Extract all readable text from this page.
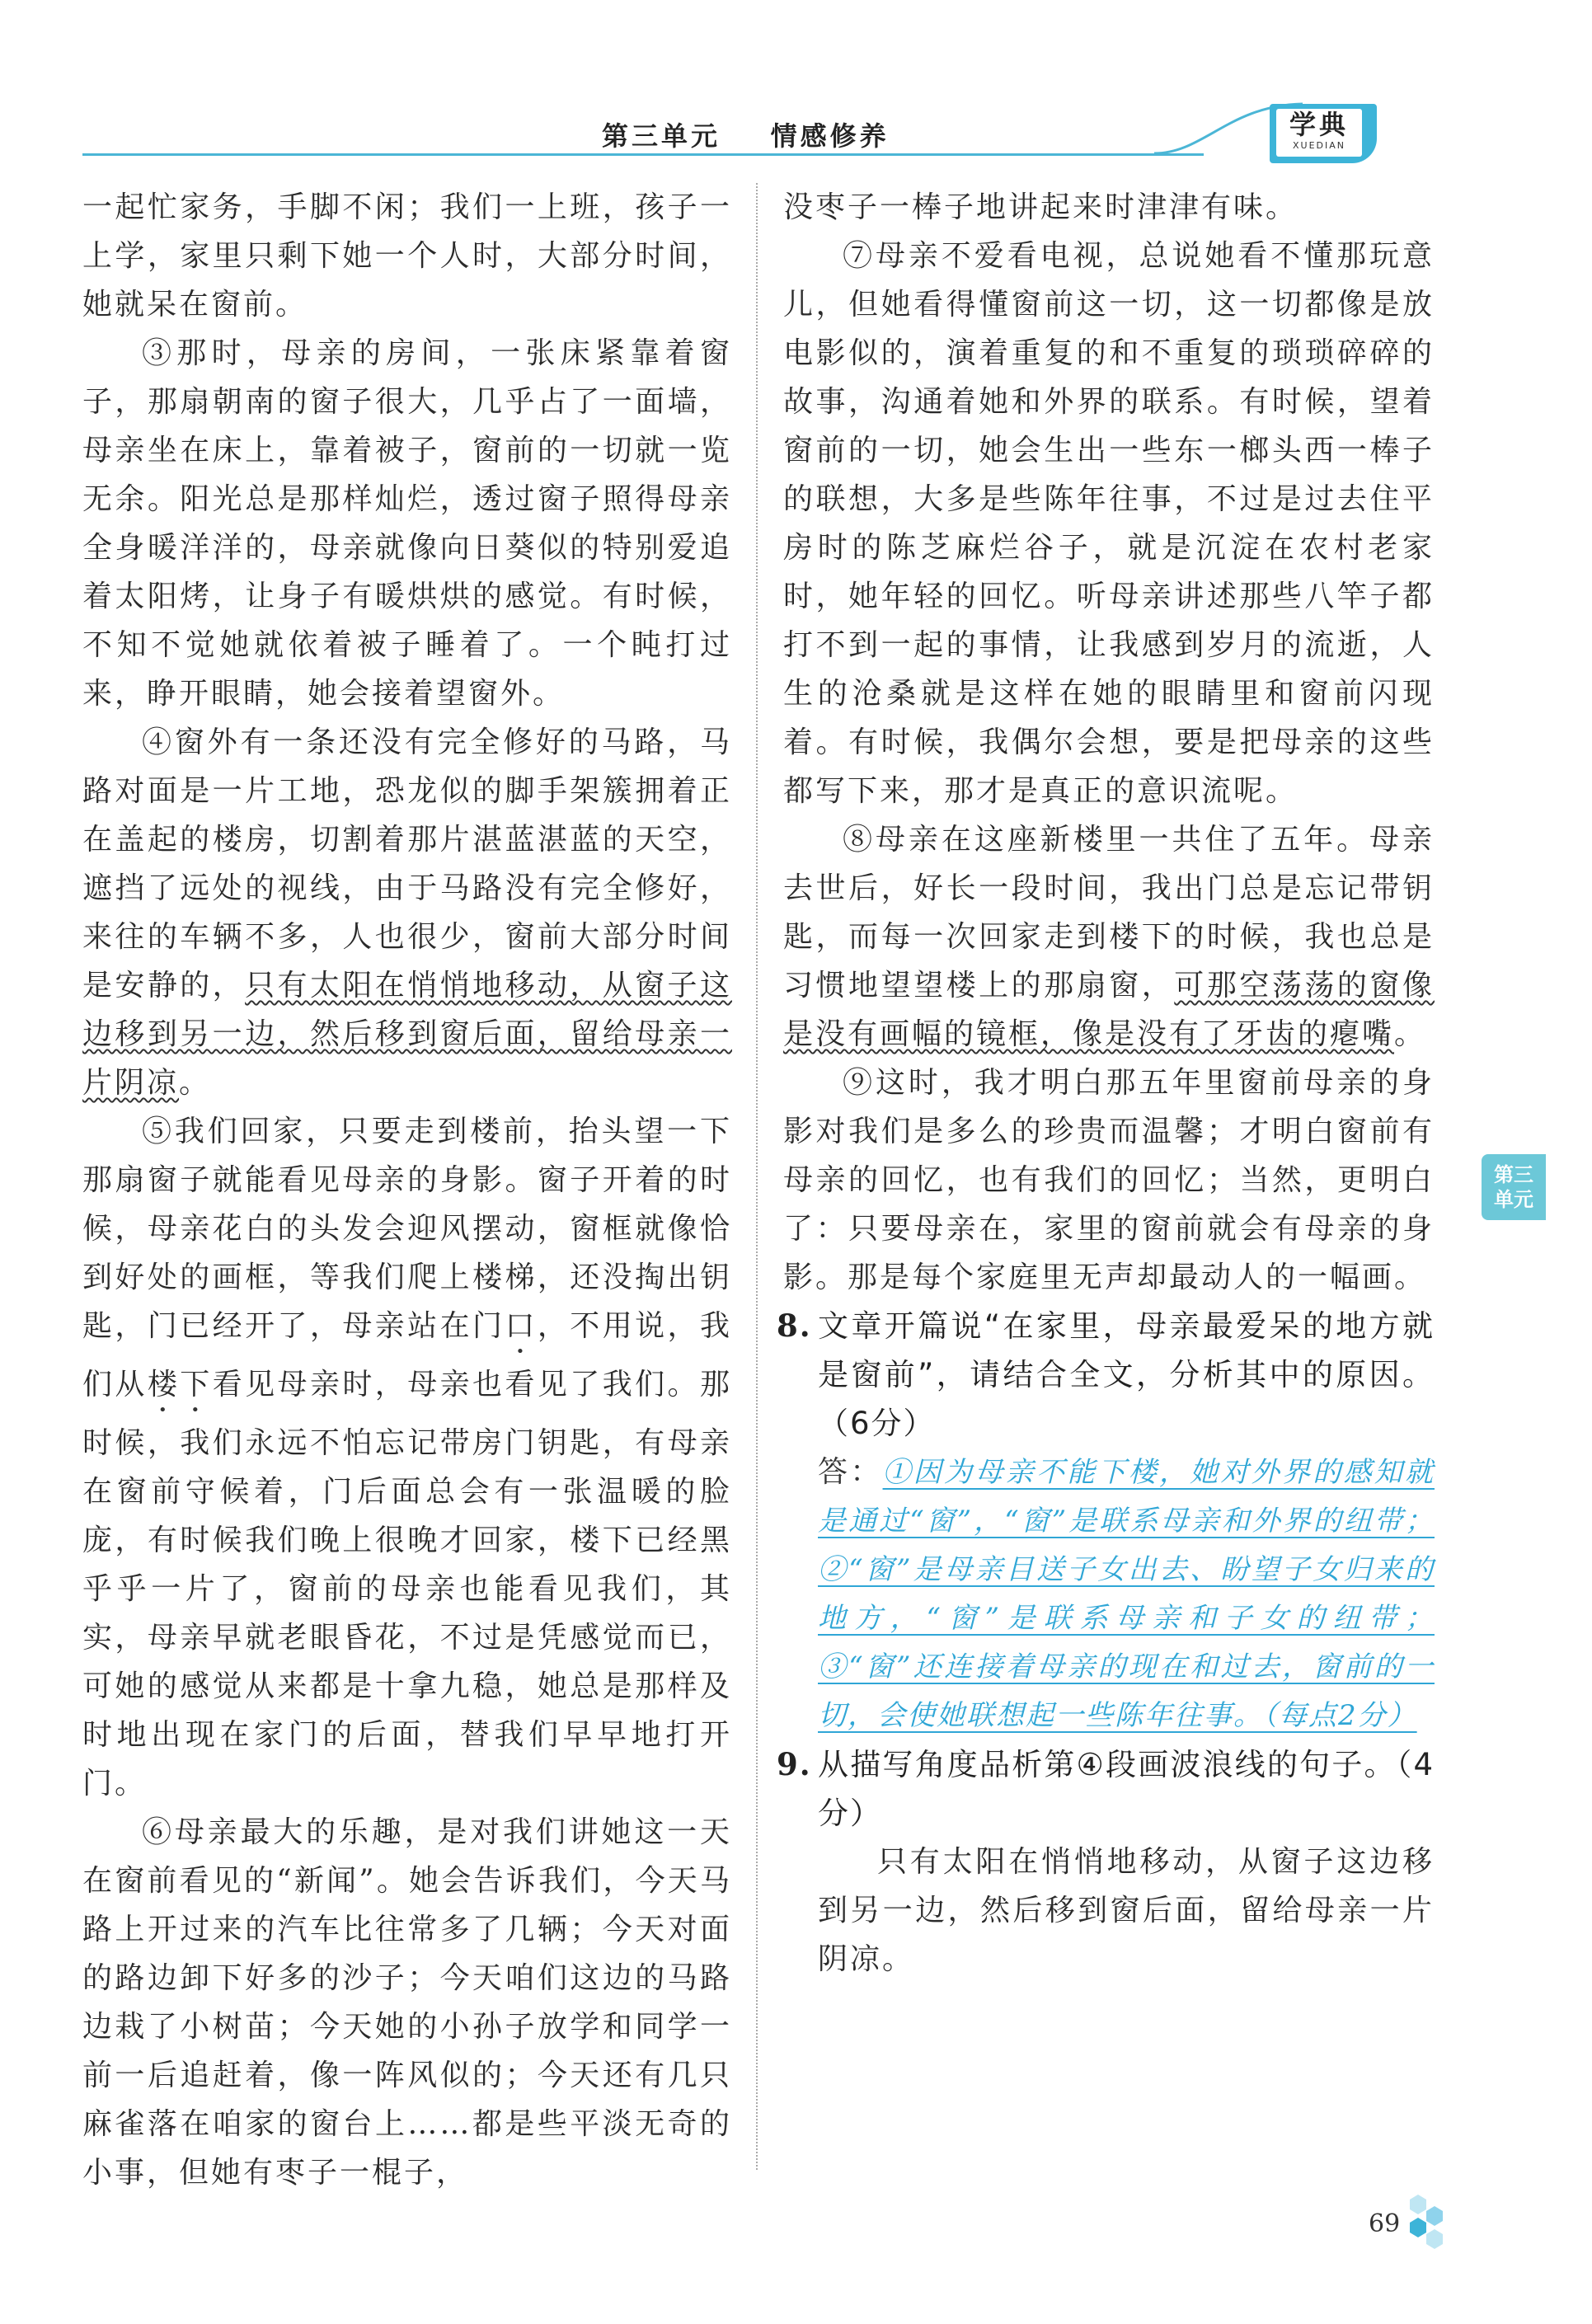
第三单元    情感修养	学典
XUEDIAN

一起忙家务，手脚不闲；我们一上班，孩子一上学，家里只剩下她一个人时，大部分时间，她就呆在窗前。

③那时，母亲的房间，一张床紧靠着窗子，那扇朝南的窗子很大，几乎占了一面墙，母亲坐在床上，靠着被子，窗前的一切就一览无余。阳光总是那样灿烂，透过窗子照得母亲全身暖洋洋的，母亲就像向日葵似的特别爱追着太阳烤，让身子有暖烘烘的感觉。有时候，不知不觉她就依着被子睡着了。一个盹打过来，睁开眼睛，她会接着望窗外。

④窗外有一条还没有完全修好的马路，马路对面是一片工地，恐龙似的脚手架簇拥着正在盖起的楼房，切割着那片湛蓝湛蓝的天空，遮挡了远处的视线，由于马路没有完全修好，来往的车辆不多，人也很少，窗前大部分时间是安静的，只有太阳在悄悄地移动，从窗子这边移到另一边，然后移到窗后面，留给母亲一片阴凉。

⑤我们回家，只要走到楼前，抬头望一下那扇窗子就能看见母亲的身影。窗子开着的时候，母亲花白的头发会迎风摆动，窗框就像恰到好处的画框，等我们爬上楼梯，还没掏出钥匙，门已经开了，母亲站在门口，不用说，我们从楼下看见母亲时，母亲也看见了我们。那时候，我们永远不怕忘记带房门钥匙，有母亲在窗前守候着，门后面总会有一张温暖的脸庞，有时候我们晚上很晚才回家，楼下已经黑乎乎一片了，窗前的母亲也能看见我们，其实，母亲早就老眼昏花，不过是凭感觉而已，可她的感觉从来都是十拿九稳，她总是那样及时地出现在家门的后面，替我们早早地打开门。

⑥母亲最大的乐趣，是对我们讲她这一天在窗前看见的“新闻”。她会告诉我们，今天马路上开过来的汽车比往常多了几辆；今天对面的路边卸下好多的沙子；今天咱们这边的马路边栽了小树苗；今天她的小孙子放学和同学一前一后追赶着，像一阵风似的；今天还有几只麻雀落在咱家的窗台上……都是些平淡无奇的小事，但她有枣子一棍子，

没枣子一棒子地讲起来时津津有味。

⑦母亲不爱看电视，总说她看不懂那玩意儿，但她看得懂窗前这一切，这一切都像是放电影似的，演着重复的和不重复的琐琐碎碎的故事，沟通着她和外界的联系。有时候，望着窗前的一切，她会生出一些东一榔头西一棒子的联想，大多是些陈年往事，不过是过去住平房时的陈芝麻烂谷子，就是沉淀在农村老家时，她年轻的回忆。听母亲讲述那些八竿子都打不到一起的事情，让我感到岁月的流逝，人生的沧桑就是这样在她的眼睛里和窗前闪现着。有时候，我偶尔会想，要是把母亲的这些都写下来，那才是真正的意识流呢。

⑧母亲在这座新楼里一共住了五年。母亲去世后，好长一段时间，我出门总是忘记带钥匙，而每一次回家走到楼下的时候，我也总是习惯地望望楼上的那扇窗，可那空荡荡的窗像是没有画幅的镜框，像是没有了牙齿的瘪嘴。

⑨这时，我才明白那五年里窗前母亲的身影对我们是多么的珍贵而温馨；才明白窗前有母亲的回忆，也有我们的回忆；当然，更明白了：只要母亲在，家里的窗前就会有母亲的身影。那是每个家庭里无声却最动人的一幅画。

8. 文章开篇说“在家里，母亲最爱呆的地方就是窗前”，请结合全文，分析其中的原因。（6分）

答：①因为母亲不能下楼，她对外界的感知就是通过“窗”，“窗”是联系母亲和外界的纽带；②“窗”是母亲目送子女出去、盼望子女归来的地方，“窗”是联系母亲和子女的纽带；③“窗”还连接着母亲的现在和过去，窗前的一切，会使她联想起一些陈年往事。（每点2分）

9. 从描写角度品析第④段画波浪线的句子。（4分）

只有太阳在悄悄地移动，从窗子这边移到另一边，然后移到窗后面，留给母亲一片阴凉。

第三
单元
69
